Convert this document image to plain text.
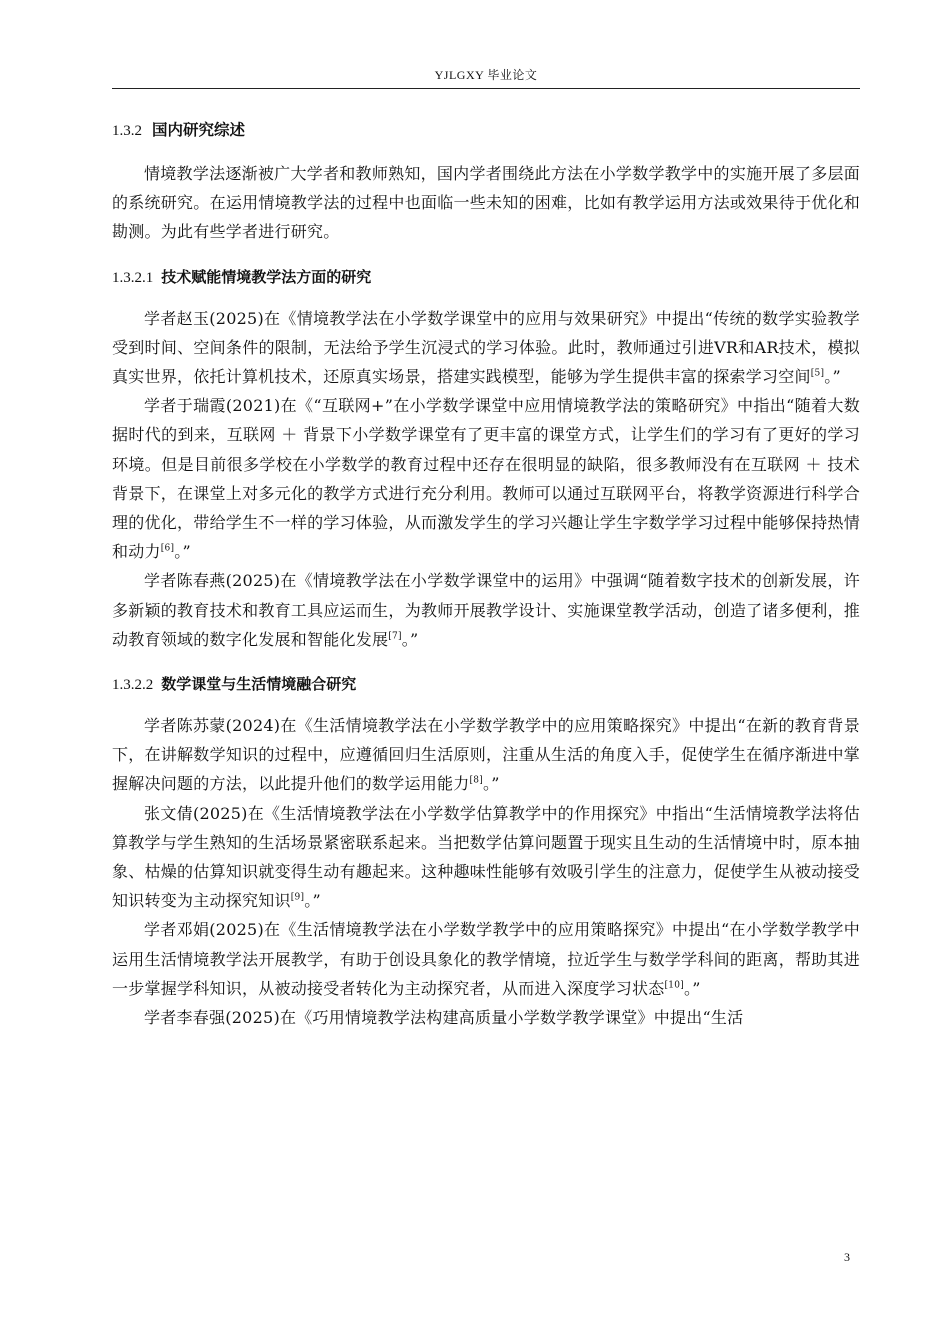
YJLGXY 毕业论文
1.3.2 国内研究综述

情境教学法逐渐被广大学者和教师熟知，国内学者围绕此方法在小学数学教学中的实施开展了多层面的系统研究。在运用情境教学法的过程中也面临一些未知的困难，比如有教学运用方法或效果待于优化和勘测。为此有些学者进行研究。

1.3.2.1 技术赋能情境教学法方面的研究

学者赵玉(2025)在《情境教学法在小学数学课堂中的应用与效果研究》中提出“传统的数学实验教学受到时间、空间条件的限制，无法给予学生沉浸式的学习体验。此时，教师通过引进VR和AR技术，模拟真实世界，依托计算机技术，还原真实场景，搭建实践模型，能够为学生提供丰富的探索学习空间[5]。”

学者于瑞霞(2021)在《“互联网+”在小学数学课堂中应用情境教学法的策略研究》中指出“随着大数据时代的到来，互联网 ＋ 背景下小学数学课堂有了更丰富的课堂方式，让学生们的学习有了更好的学习环境。但是目前很多学校在小学数学的教育过程中还存在很明显的缺陷，很多教师没有在互联网 ＋ 技术背景下，在课堂上对多元化的教学方式进行充分利用。教师可以通过互联网平台，将教学资源进行科学合理的优化，带给学生不一样的学习体验，从而激发学生的学习兴趣让学生字数学学习过程中能够保持热情和动力[6]。”

学者陈春燕(2025)在《情境教学法在小学数学课堂中的运用》中强调“随着数字技术的创新发展，许多新颖的教育技术和教育工具应运而生，为教师开展教学设计、实施课堂教学活动，创造了诸多便利，推动教育领域的数字化发展和智能化发展[7]。”

1.3.2.2 数学课堂与生活情境融合研究

学者陈苏蒙(2024)在《生活情境教学法在小学数学教学中的应用策略探究》中提出“在新的教育背景下，在讲解数学知识的过程中，应遵循回归生活原则，注重从生活的角度入手，促使学生在循序渐进中掌握解决问题的方法，以此提升他们的数学运用能力[8]。”

张文倩(2025)在《生活情境教学法在小学数学估算教学中的作用探究》中指出“生活情境教学法将估算教学与学生熟知的生活场景紧密联系起来。当把数学估算问题置于现实且生动的生活情境中时，原本抽象、枯燥的估算知识就变得生动有趣起来。这种趣味性能够有效吸引学生的注意力，促使学生从被动接受知识转变为主动探究知识[9]。”

学者邓娟(2025)在《生活情境教学法在小学数学教学中的应用策略探究》中提出“在小学数学教学中运用生活情境教学法开展教学，有助于创设具象化的教学情境，拉近学生与数学学科间的距离，帮助其进一步掌握学科知识，从被动接受者转化为主动探究者，从而进入深度学习状态[10]。”

学者李春强(2025)在《巧用情境教学法构建高质量小学数学教学课堂》中提出“生活

3
